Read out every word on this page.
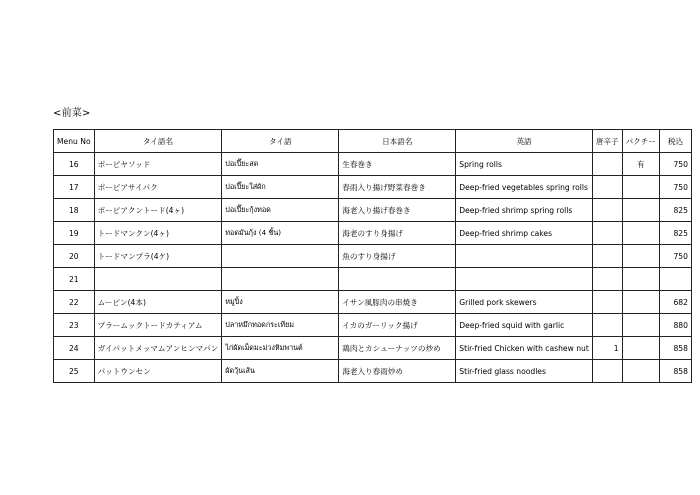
<前菜>
Menu No	タイ語名	タイ語	日本語名	英語	唐辛子	パクチー	税込
16	ポーピヤソッド	ปอเปี๊ยะสด	生春巻き	Spring rolls		有	750
17	ポーピアサイパク	ปอเปี๊ยะใส่ผัก	春雨入り揚げ野菜春巻き	Deep-fried vegetables spring rolls			750
18	ポーピアクントード(4ヶ)	ปอเปี๊ยะกุ้งทอด	海老入り揚げ春巻き	Deep-fried shrimp spring rolls			825
19	トードマンクン(4ヶ)	ทอดมันกุ้ง (4 ชิ้น)	海老のすり身揚げ	Deep-fried shrimp cakes			825
20	トードマンプラ(4ケ)		魚のすり身揚げ				750
21							
22	ムーピン(4本)	หมูปิ้ง	イサン風豚肉の串焼き	Grilled pork skewers			682
23	プラームックトードカティアム	ปลาหมึกทอดกระเทียม	イカのガーリック揚げ	Deep-fried squid with garlic			880
24	ガイパットメッマムアンヒンマパン	ไก่ผัดเม็ดมะม่วงหิมพานต์	鶏肉とカシューナッツの炒め	Stir-fried Chicken with cashew nut	1		858
25	パットウンセン	ผัดวุ้นเส้น	海老入り春雨炒め	Stir-fried glass noodles			858
